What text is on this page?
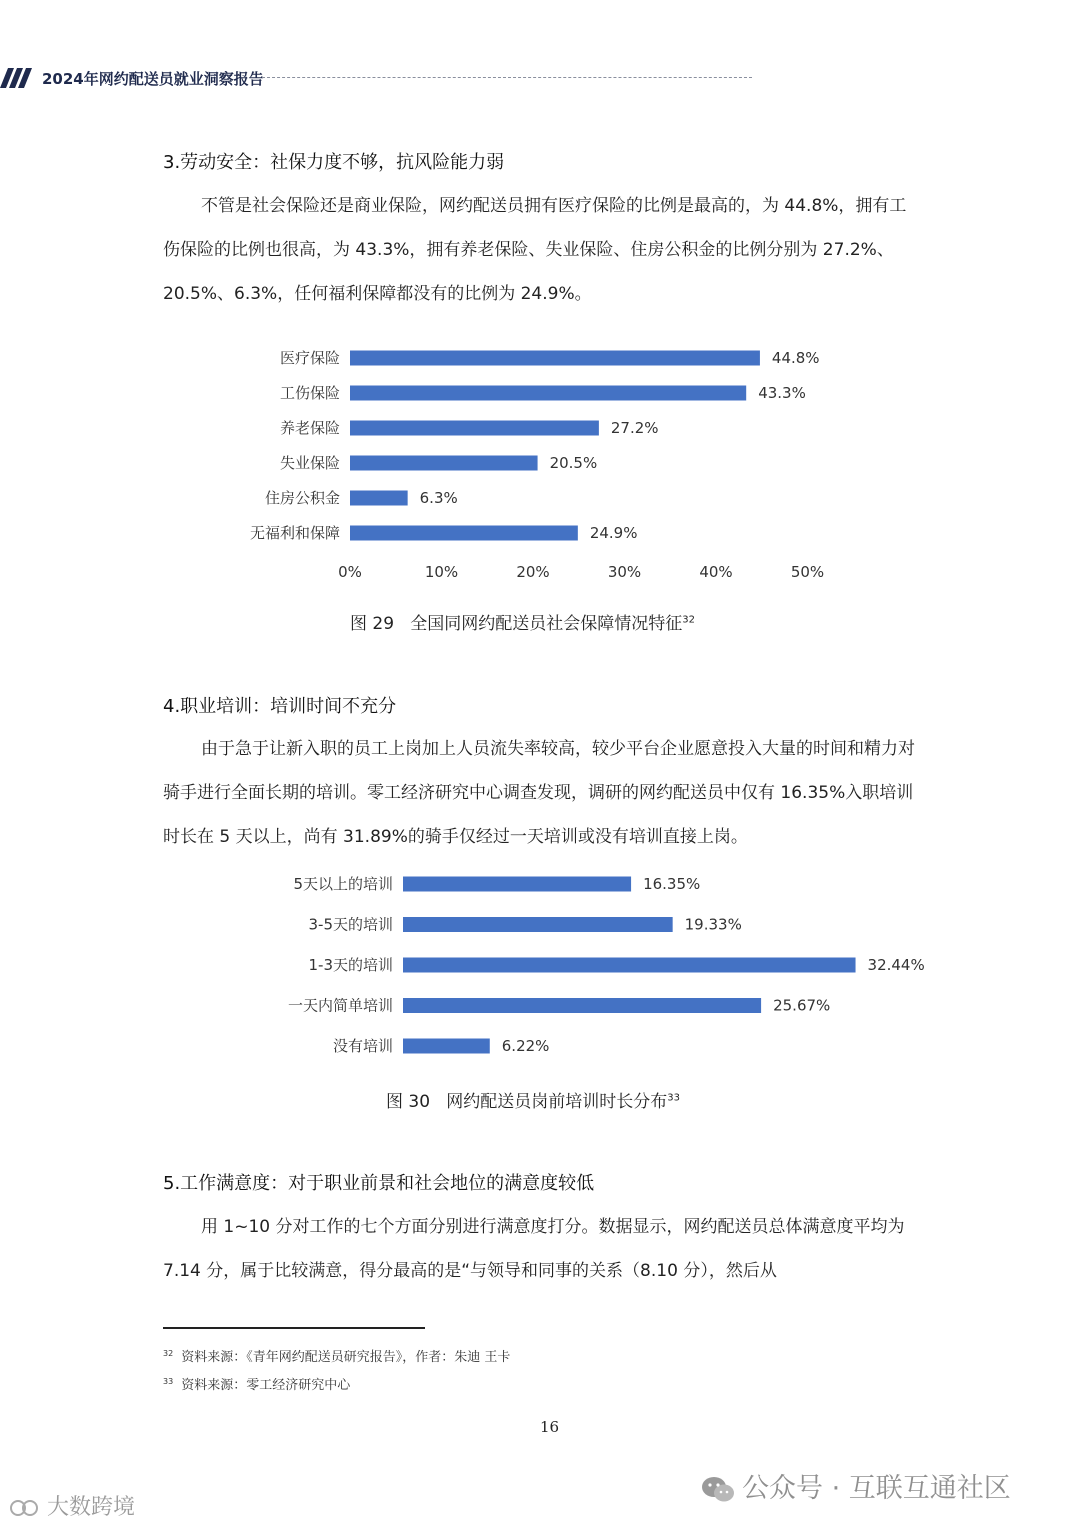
2024年网约配送员就业洞察报告
3.劳动安全：社保力度不够，抗风险能力弱

不管是社会保险还是商业保险，网约配送员拥有医疗保险的比例是最高的，为 44.8%，拥有工伤保险的比例也很高，为 43.3%，拥有养老保险、失业保险、住房公积金的比例分别为 27.2%、20.5%、6.3%，任何福利保障都没有的比例为 24.9%。

医疗保险	44.8%
工伤保险	43.3%
养老保险	27.2%
失业保险	20.5%
住房公积金	6.3%
无福利和保障	24.9%
0%	10%	20%	30%	40%	50%
图 29 全国同网约配送员社会保障情况特征$^{32}$
4.职业培训：培训时间不充分

由于急于让新入职的员工上岗加上人员流失率较高，较少平台企业愿意投入大量的时间和精力对骑手进行全面长期的培训。零工经济研究中心调查发现，调研的网约配送员中仅有 16.35%入职培训时长在 5 天以上，尚有 31.89%的骑手仅经过一天培训或没有培训直接上岗。

5天以上的培训	16.35%
3-5天的培训	19.33%
1-3天的培训	32.44%
一天内简单培训	25.67%
没有培训	6.22%
图 30 网约配送员岗前培训时长分布$^{33}$
5.工作满意度：对于职业前景和社会地位的满意度较低

用 1~10 分对工作的七个方面分别进行满意度打分。数据显示，网约配送员总体满意度平均为 7.14 分，属于比较满意，得分最高的是“与领导和同事的关系（8.10 分），然后从

$^{32}$ 资料来源：《青年网约配送员研究报告》，作者：朱迪 王卡
$^{33}$ 资料来源：零工经济研究中心
16
大数跨境
公众号 · 互联互通社区
